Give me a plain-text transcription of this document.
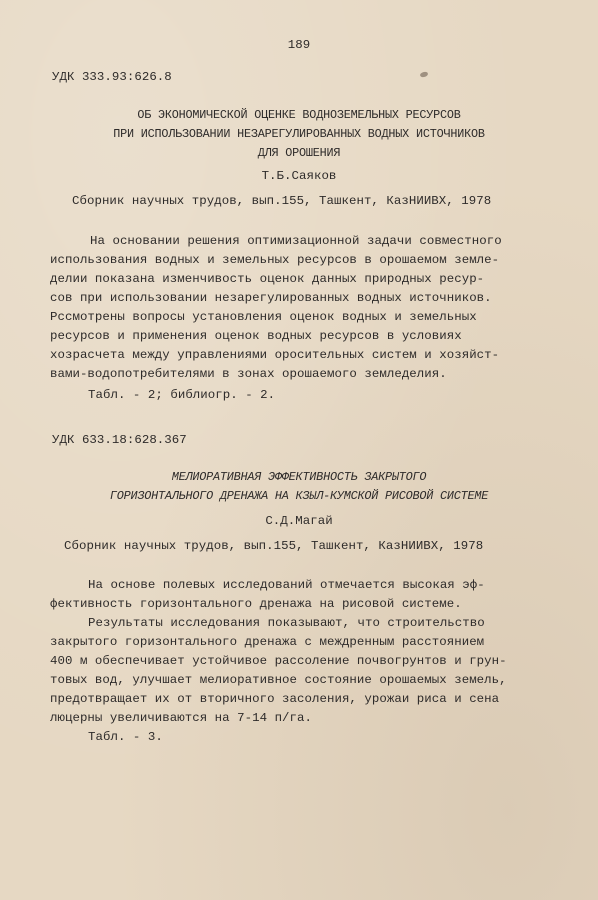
189
УДК 333.93:626.8
ОБ ЭКОНОМИЧЕСКОЙ ОЦЕНКЕ ВОДНОЗЕМЕЛЬНЫХ РЕСУРСОВ
ПРИ ИСПОЛЬЗОВАНИИ НЕЗАРЕГУЛИРОВАННЫХ ВОДНЫХ ИСТОЧНИКОВ
ДЛЯ ОРОШЕНИЯ
Т.Б.Саяков
Сборник научных трудов, вып.155, Ташкент, КазНИИВХ, 1978
На основании решения оптимизационной задачи совместного
использования водных и земельных ресурсов в орошаемом земле-
делии показана изменчивость оценок данных природных ресур-
сов при использовании незарегулированных водных источников.
Рссмотрены вопросы установления оценок водных и земельных
ресурсов и применения оценок водных ресурсов в условиях
хозрасчета между управлениями оросительных систем и хозяйст-
вами-водопотребителями в зонах орошаемого земледелия.
Табл. - 2; библиогр. - 2.
УДК 633.18:628.367
МЕЛИОРАТИВНАЯ ЭФФЕКТИВНОСТЬ ЗАКРЫТОГО
ГОРИЗОНТАЛЬНОГО ДРЕНАЖА НА КЗЫЛ-КУМСКОЙ РИСОВОЙ СИСТЕМЕ
С.Д.Магай
Сборник научных трудов, вып.155, Ташкент, КазНИИВХ, 1978
На основе полевых исследований отмечается высокая эф-
фективность горизонтального дренажа на рисовой системе.
Результаты исследования показывают, что строительство
закрытого горизонтального дренажа с междренным расстоянием
400 м обеспечивает устойчивое рассоление почвогрунтов и грун-
товых вод, улучшает мелиоративное состояние орошаемых земель,
предотвращает их от вторичного засоления, урожаи риса и сена
люцерны увеличиваются на 7-14 п/га.
Табл. - 3.
